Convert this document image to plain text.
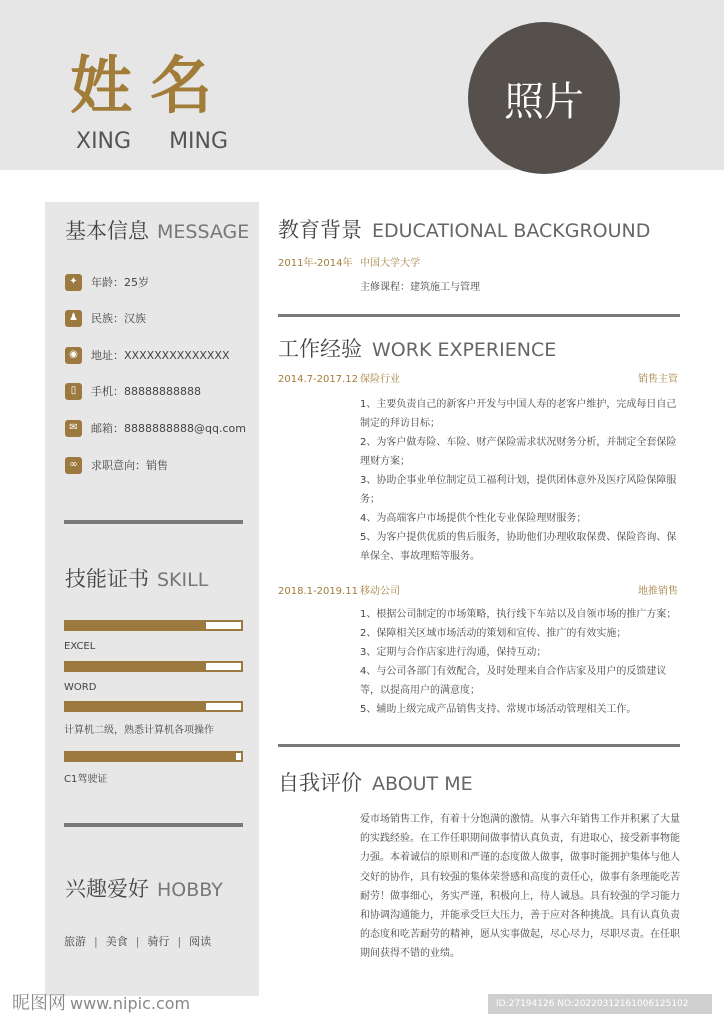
姓名
XING MING
照片
基本信息 MESSAGE
✦	年龄：25岁
♟	民族：汉族
◉	地址：XXXXXXXXXXXXXX
▯	手机：88888888888
✉	邮箱：8888888888@qq.com
∞	求职意向：销售
技能证书 SKILL
EXCEL
WORD
计算机二级，熟悉计算机各项操作
C1驾驶证
兴趣爱好 HOBBY
旅游 | 美食 | 骑行 | 阅读
教育背景 EDUCATIONAL BACKGROUND
2011年-2014年 中国大学大学
主修课程：建筑施工与管理
工作经验 WORK EXPERIENCE
2014.7-2017.12 保险行业	销售主管
1、主要负责自己的新客户开发与中国人寿的老客户维护，完成每日自己制定的拜访目标；
2、为客户做寿险、车险、财产保险需求状况财务分析，并制定全套保险理财方案；
3、协助企事业单位制定员工福利计划，提供团体意外及医疗风险保障服务；
4、为高端客户市场提供个性化专业保险理财服务；
5、为客户提供优质的售后服务，协助他们办理收取保费、保险咨询、保单保全、事故理赔等服务。
2018.1-2019.11 移动公司	地推销售
1、根据公司制定的市场策略，执行线下车站以及自领市场的推广方案；
2、保障相关区域市场活动的策划和宣传、推广的有效实施；
3、定期与合作店家进行沟通，保持互动；
4、与公司各部门有效配合，及时处理来自合作店家及用户的反馈建议等，以提高用户的满意度；
5、辅助上级完成产品销售支持、常规市场活动管理相关工作。
自我评价 ABOUT ME
爱市场销售工作，有着十分饱满的激情。从事六年销售工作并积累了大量的实践经验。在工作任职期间做事情认真负责，有进取心，接受新事物能力强。本着诚信的原则和严谨的态度做人做事，做事时能拥护集体与他人交好的协作，具有较强的集体荣誉感和高度的责任心，做事有条理能吃苦耐劳！做事细心，务实严谨，积极向上，待人诚恳。具有较强的学习能力和协调沟通能力，并能承受巨大压力，善于应对各种挑战。具有认真负责的态度和吃苦耐劳的精神，愿从实事做起，尽心尽力，尽职尽责。在任职期间获得不错的业绩。
昵图网 www.nipic.com	ID:27194126 NO:20220312161006125102
